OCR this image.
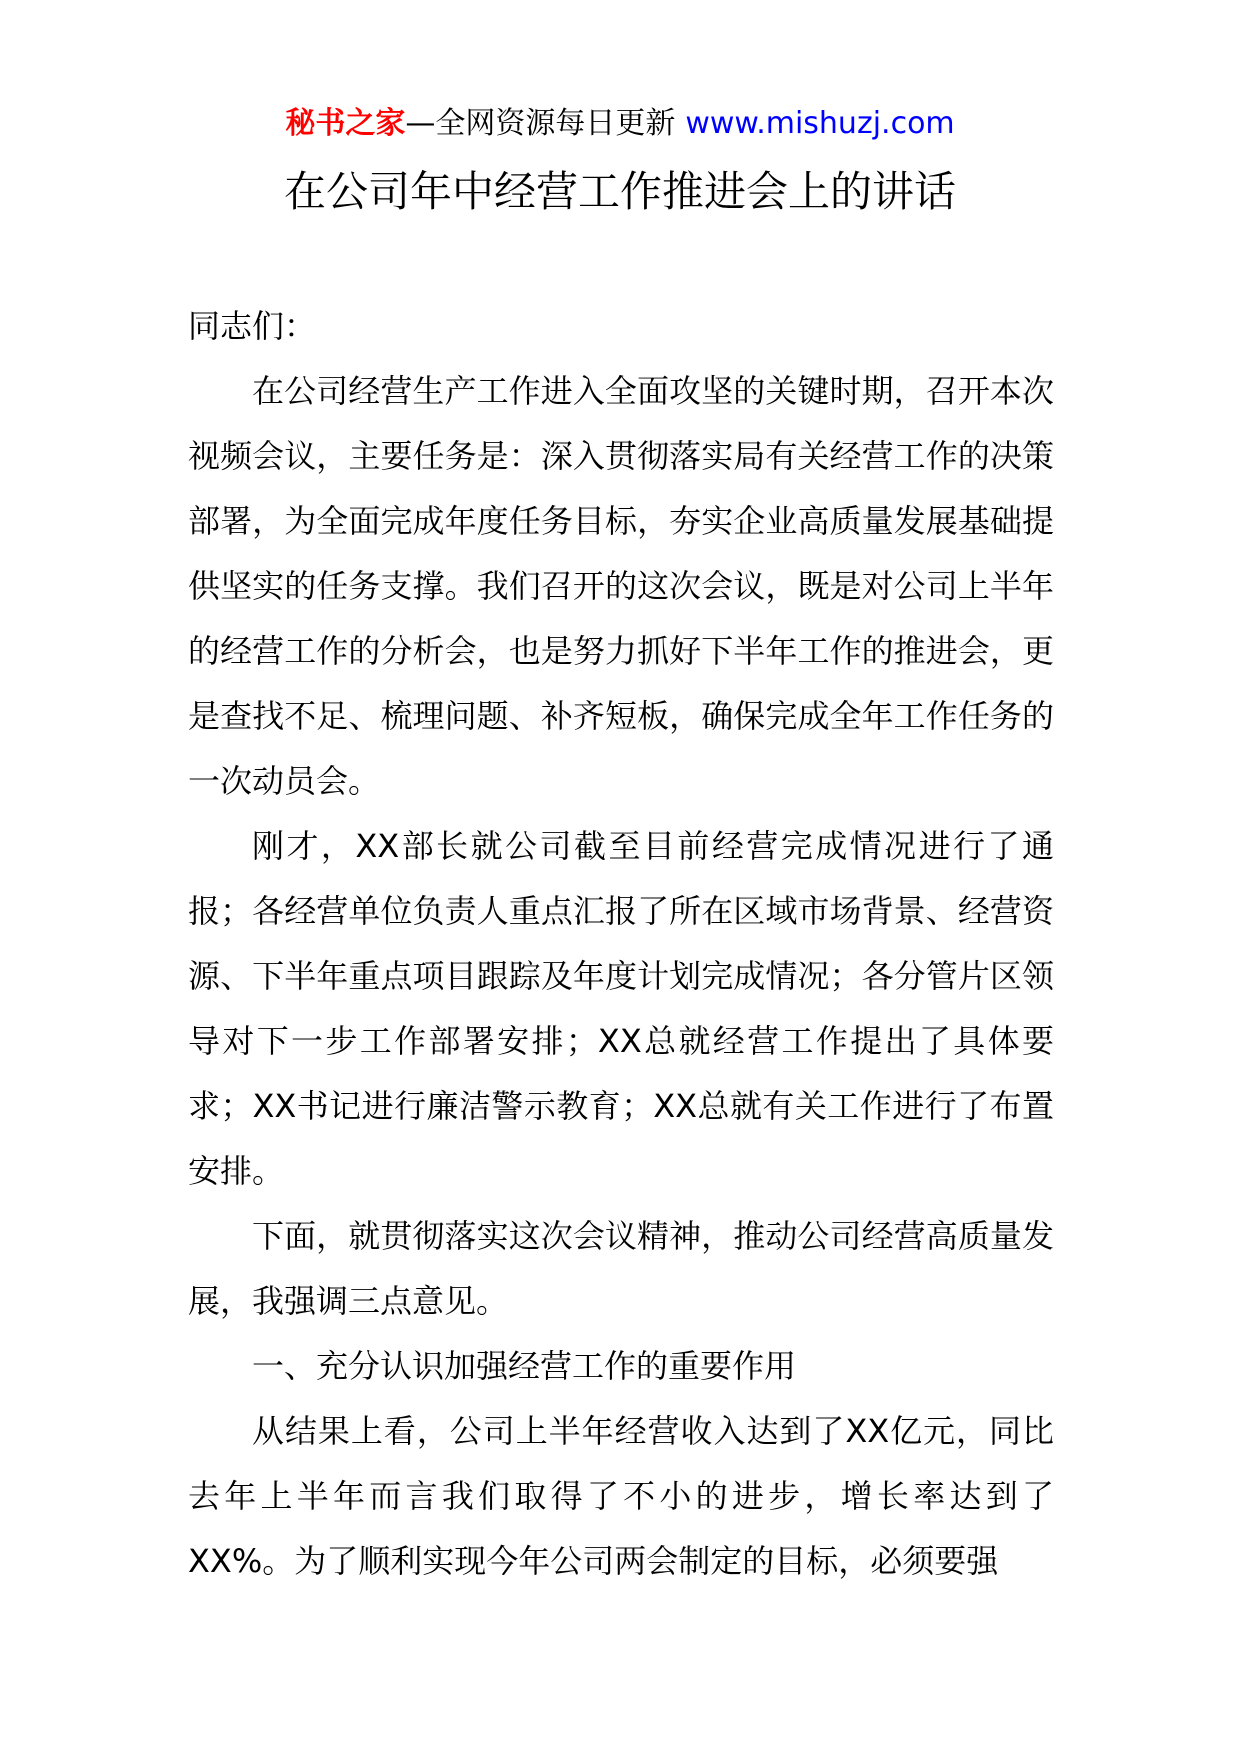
秘书之家—全网资源每日更新 www.mishuzj.com
在公司年中经营工作推进会上的讲话

同志们：

在公司经营生产工作进入全面攻坚的关键时期，召开本次视频会议，主要任务是：深入贯彻落实局有关经营工作的决策部署，为全面完成年度任务目标，夯实企业高质量发展基础提供坚实的任务支撑。我们召开的这次会议，既是对公司上半年的经营工作的分析会，也是努力抓好下半年工作的推进会，更是查找不足、梳理问题、补齐短板，确保完成全年工作任务的一次动员会。

刚才，XX部长就公司截至目前经营完成情况进行了通报；各经营单位负责人重点汇报了所在区域市场背景、经营资源、下半年重点项目跟踪及年度计划完成情况；各分管片区领导对下一步工作部署安排；XX总就经营工作提出了具体要求；XX书记进行廉洁警示教育；XX总就有关工作进行了布置安排。

下面，就贯彻落实这次会议精神，推动公司经营高质量发展，我强调三点意见。

一、充分认识加强经营工作的重要作用

从结果上看，公司上半年经营收入达到了XX亿元，同比去年上半年而言我们取得了不小的进步，增长率达到了XX%。为了顺利实现今年公司两会制定的目标，必须要强
